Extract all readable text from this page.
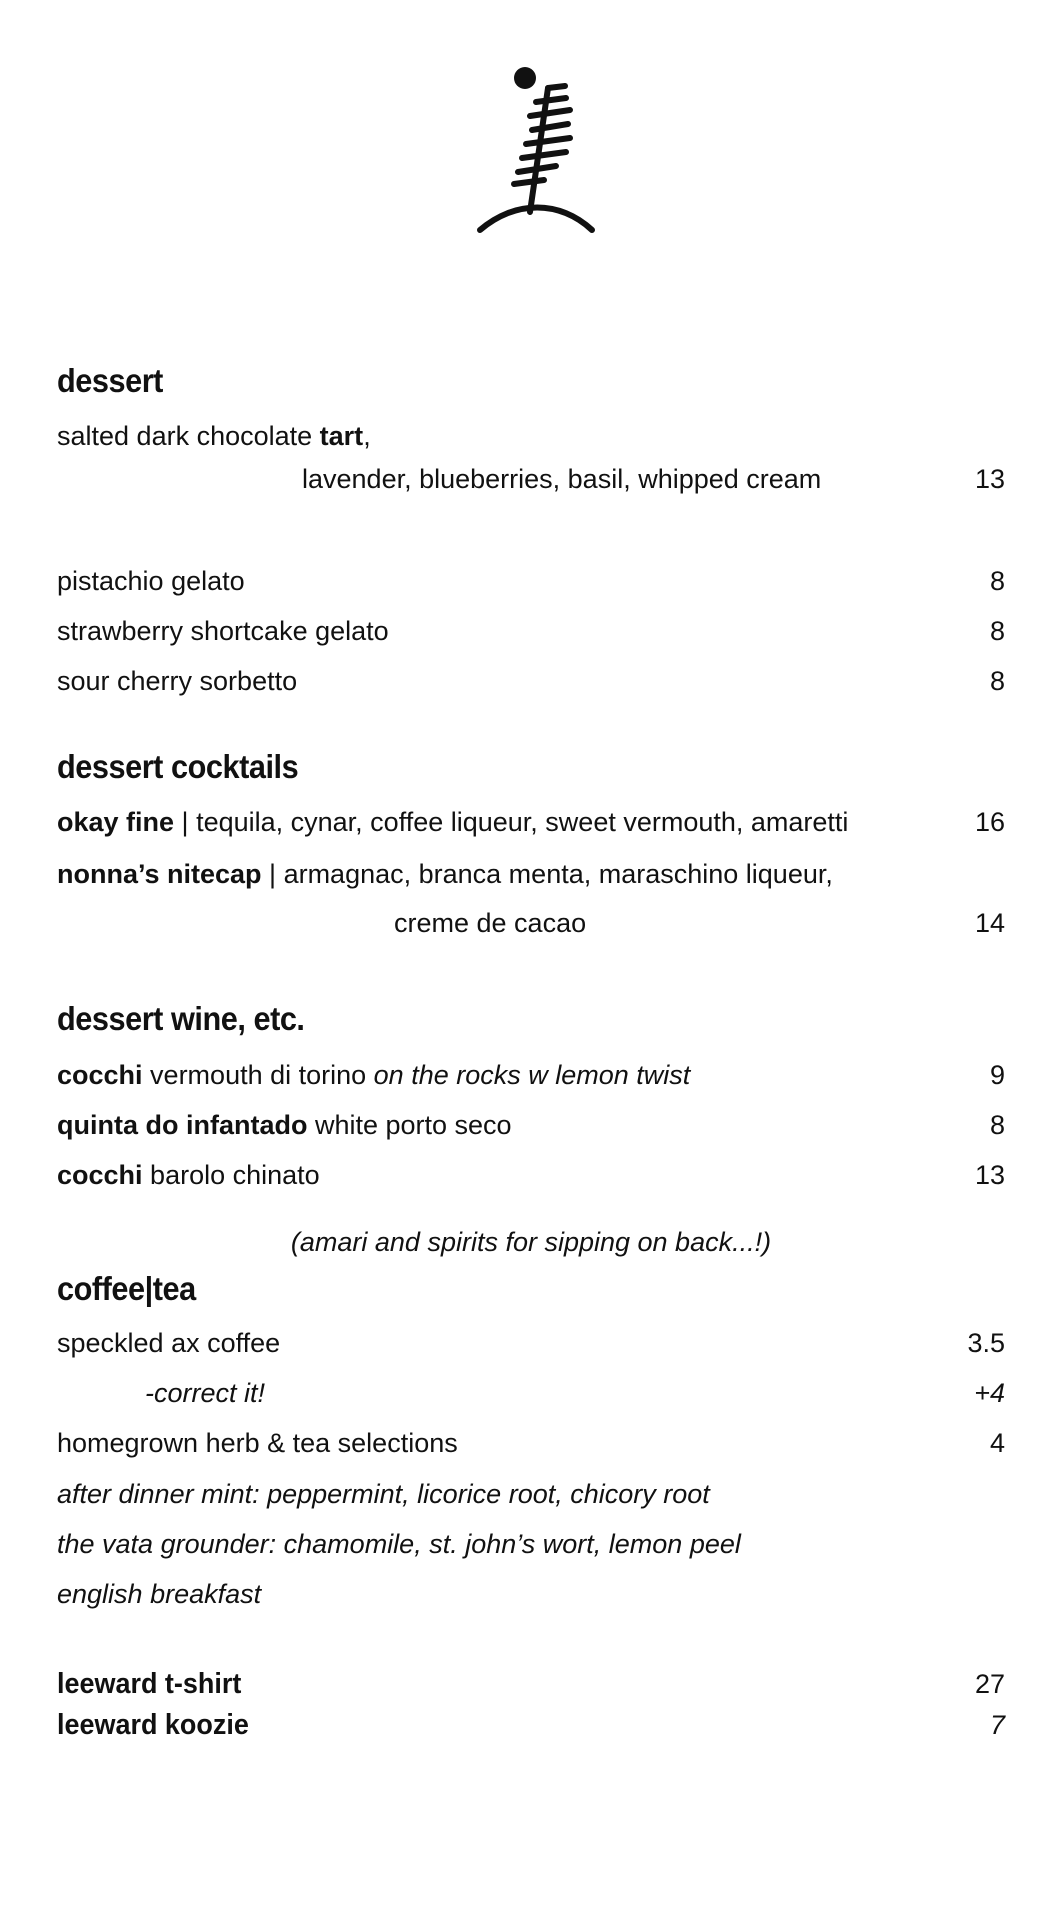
dessert
salted dark chocolate tart,
lavender, blueberries, basil, whipped cream	13
pistachio gelato	8
strawberry shortcake gelato	8
sour cherry sorbetto	8
dessert cocktails
okay fine | tequila, cynar, coffee liqueur, sweet vermouth, amaretti	16
nonna’s nitecap | armagnac, branca menta, maraschino liqueur,
creme de cacao	14
dessert wine, etc.
cocchi vermouth di torino on the rocks w lemon twist	9
quinta do infantado white porto seco	8
cocchi barolo chinato	13
(amari and spirits for sipping on back...!)
coffee|tea
speckled ax coffee	3.5
-correct it!	+4
homegrown herb & tea selections	4
after dinner mint: peppermint, licorice root, chicory root
the vata grounder: chamomile, st. john’s wort, lemon peel
english breakfast
leeward t-shirt	27
leeward koozie	7
